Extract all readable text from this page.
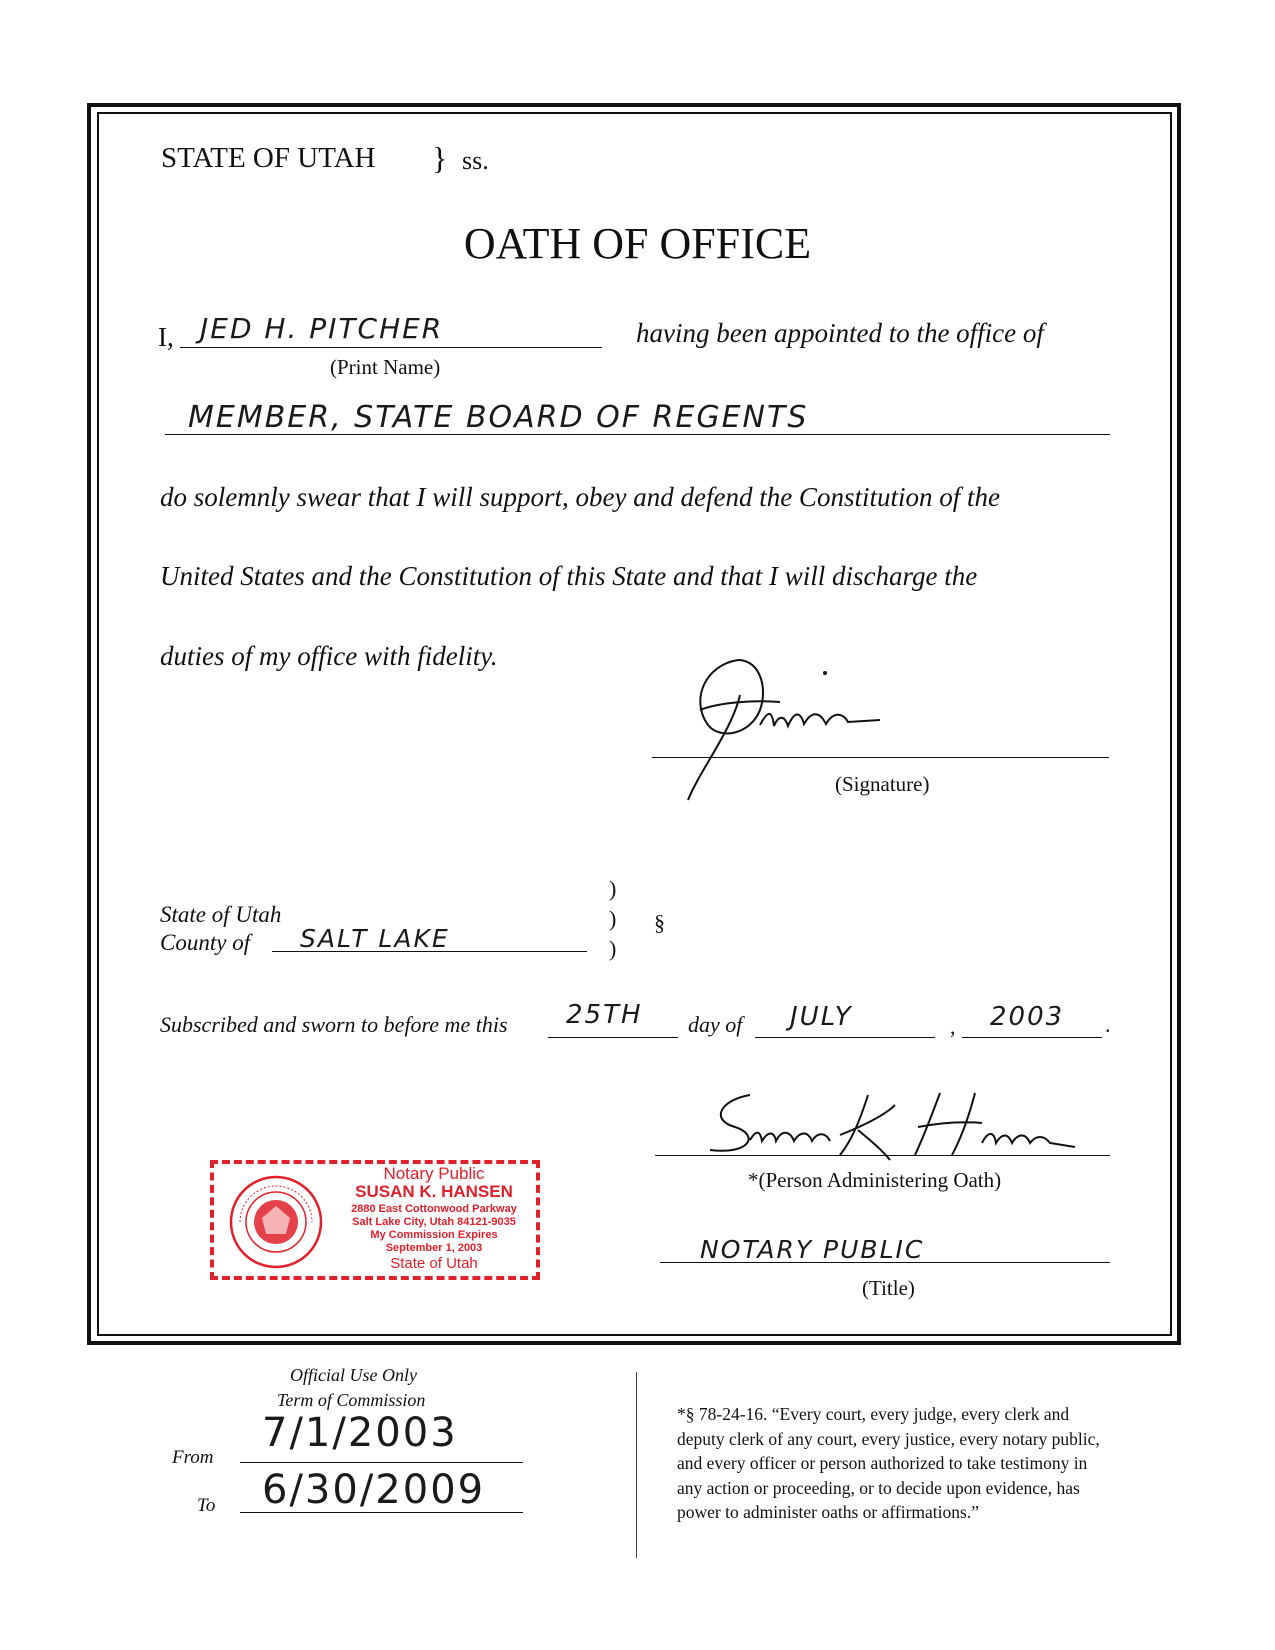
STATE OF UTAH } ss.
OATH OF OFFICE
I, JED H. PITCHER
(Print Name)
having been appointed to the office of
MEMBER, STATE BOARD OF REGENTS
do solemnly swear that I will support, obey and defend the Constitution of the
United States and the Constitution of this State and that I will discharge the
duties of my office with fidelity.
(Signature)
State of Utah
County of SALT LAKE
)
)
)
§
Subscribed and sworn to before me this 25TH day of JULY	, 2003 .
*(Person Administering Oath)
NOTARY PUBLIC
(Title)
Notary Public
SUSAN K. HANSEN
2880 East Cottonwood Parkway
Salt Lake City, Utah 84121-9035
My Commission Expires
September 1, 2003
State of Utah
Official Use Only
Term of Commission
From
7/1/2003
To 6/30/2009
*§ 78-24-16. “Every court, every judge, every clerk and
deputy clerk of any court, every justice, every notary public,
and every officer or person authorized to take testimony in
any action or proceeding, or to decide upon evidence, has
power to administer oaths or affirmations.”
